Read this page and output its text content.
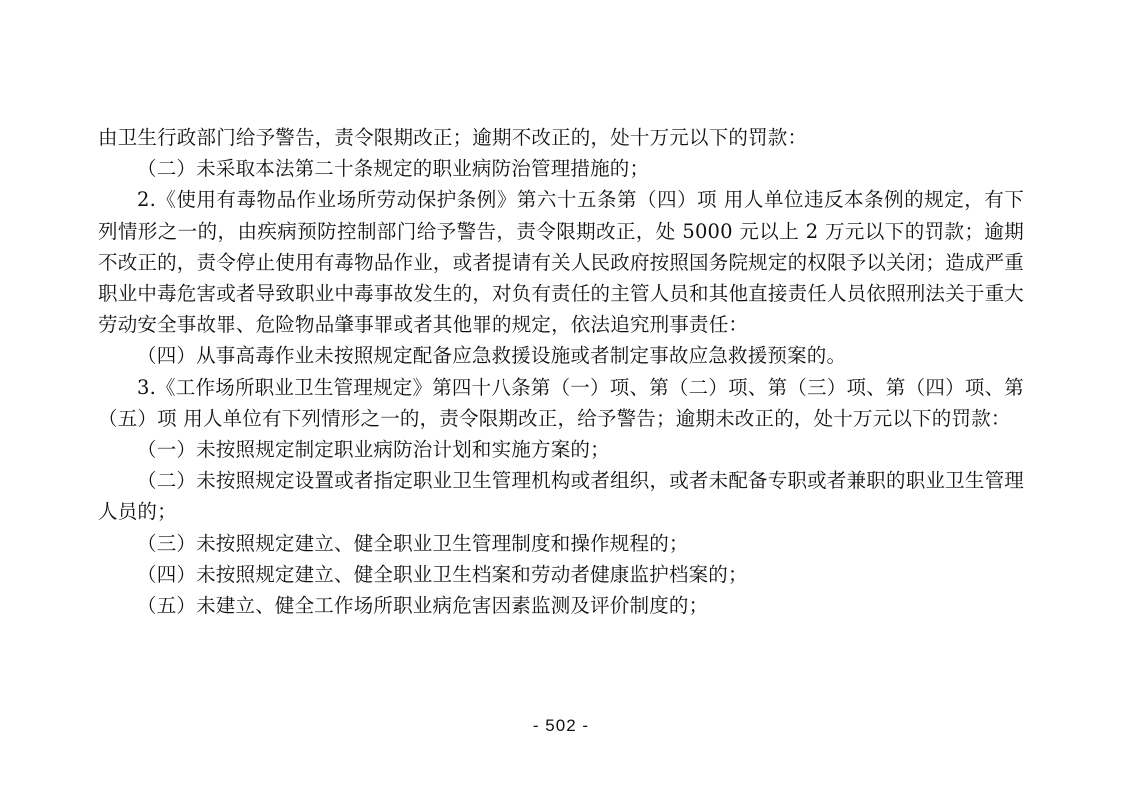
由卫生行政部门给予警告，责令限期改正；逾期不改正的，处十万元以下的罚款：

（二）未采取本法第二十条规定的职业病防治管理措施的；

2.《使用有毒物品作业场所劳动保护条例》第六十五条第（四）项 用人单位违反本条例的规定，有下列情形之一的，由疾病预防控制部门给予警告，责令限期改正，处 5000 元以上 2 万元以下的罚款；逾期不改正的，责令停止使用有毒物品作业，或者提请有关人民政府按照国务院规定的权限予以关闭；造成严重职业中毒危害或者导致职业中毒事故发生的，对负有责任的主管人员和其他直接责任人员依照刑法关于重大劳动安全事故罪、危险物品肇事罪或者其他罪的规定，依法追究刑事责任：

（四）从事高毒作业未按照规定配备应急救援设施或者制定事故应急救援预案的。

3.《工作场所职业卫生管理规定》第四十八条第（一）项、第（二）项、第（三）项、第（四）项、第（五）项 用人单位有下列情形之一的，责令限期改正，给予警告；逾期未改正的，处十万元以下的罚款：

（一）未按照规定制定职业病防治计划和实施方案的；

（二）未按照规定设置或者指定职业卫生管理机构或者组织，或者未配备专职或者兼职的职业卫生管理人员的；

（三）未按照规定建立、健全职业卫生管理制度和操作规程的；

（四）未按照规定建立、健全职业卫生档案和劳动者健康监护档案的；

（五）未建立、健全工作场所职业病危害因素监测及评价制度的；

- 502 -
